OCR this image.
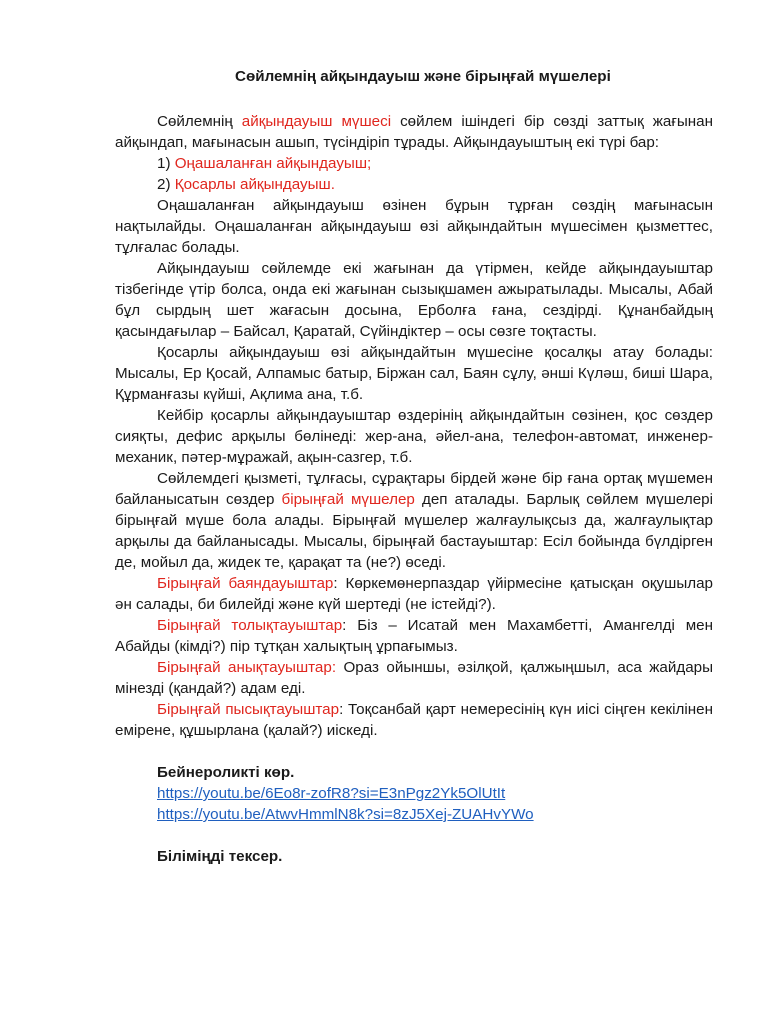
Сөйлемнің айқындауыш және бірыңғай мүшелері

Сөйлемнің айқындауыш мүшесі сөйлем ішіндегі бір сөзді заттық жағынан айқындап, мағынасын ашып, түсіндіріп тұрады. Айқындауыштың екі түрі бар:

1) Оңашаланған айқындауыш;

2) Қосарлы айқындауыш.

Оңашаланған айқындауыш өзінен бұрын тұрған сөздің мағынасын нақтылайды. Оңашаланған айқындауыш өзі айқындайтын мүшесімен қызметтес, тұлғалас болады.

Айқындауыш сөйлемде екі жағынан да үтірмен, кейде айқындауыштар тізбегінде үтір болса, онда екі жағынан сызықшамен ажыратылады. Мысалы, Абай бұл сырдың шет жағасын досына, Ерболға ғана, сездірді. Құнанбайдың қасындағылар – Байсал, Қаратай, Сүйіндіктер – осы сөзге тоқтасты.

Қосарлы айқындауыш өзі айқындайтын мүшесіне қосалқы атау болады: Мысалы, Ер Қосай, Алпамыс батыр, Біржан сал, Баян сұлу, әнші Күләш, биші Шара, Құрманғазы күйші, Ақлима ана, т.б.

Кейбір қосарлы айқындауыштар өздерінің айқындайтын сөзінен, қос сөздер сияқты, дефис арқылы бөлінеді: жер-ана, әйел-ана, телефон-автомат, инженер-механик, пәтер-мұражай, ақын-сазгер, т.б.

Сөйлемдегі қызметі, тұлғасы, сұрақтары бірдей және бір ғана ортақ мүшемен байланысатын сөздер бірыңғай мүшелер деп аталады. Барлық сөйлем мүшелері бірыңғай мүше бола алады. Бірыңғай мүшелер жалғаулықсыз да, жалғаулықтар арқылы да байланысады. Мысалы, бірыңғай бастауыштар: Есіл бойында бүлдірген де, мойыл да, жидек те, қарақат та (не?) өседі.

Бірыңғай баяндауыштар: Көркемөнерпаздар үйірмесіне қатысқан оқушылар ән салады, би билейді және күй шертеді (не істейді?).

Бірыңғай толықтауыштар: Біз – Исатай мен Махамбетті, Амангелді мен Абайды (кімді?) пір тұтқан халықтың ұрпағымыз.

Бірыңғай анықтауыштар: Ораз ойыншы, әзілқой, қалжыңшыл, аса жайдары мінезді (қандай?) адам еді.

Бірыңғай пысықтауыштар: Тоқсанбай қарт немересінің күн иісі сіңген кекілінен емірене, құшырлана (қалай?) иіскеді.

Бейнероликті көр.

https://youtu.be/6Eo8r-zofR8?si=E3nPgz2Yk5OlUtIt

https://youtu.be/AtwvHmmlN8k?si=8zJ5Xej-ZUAHvYWo

Біліміңді тексер.
